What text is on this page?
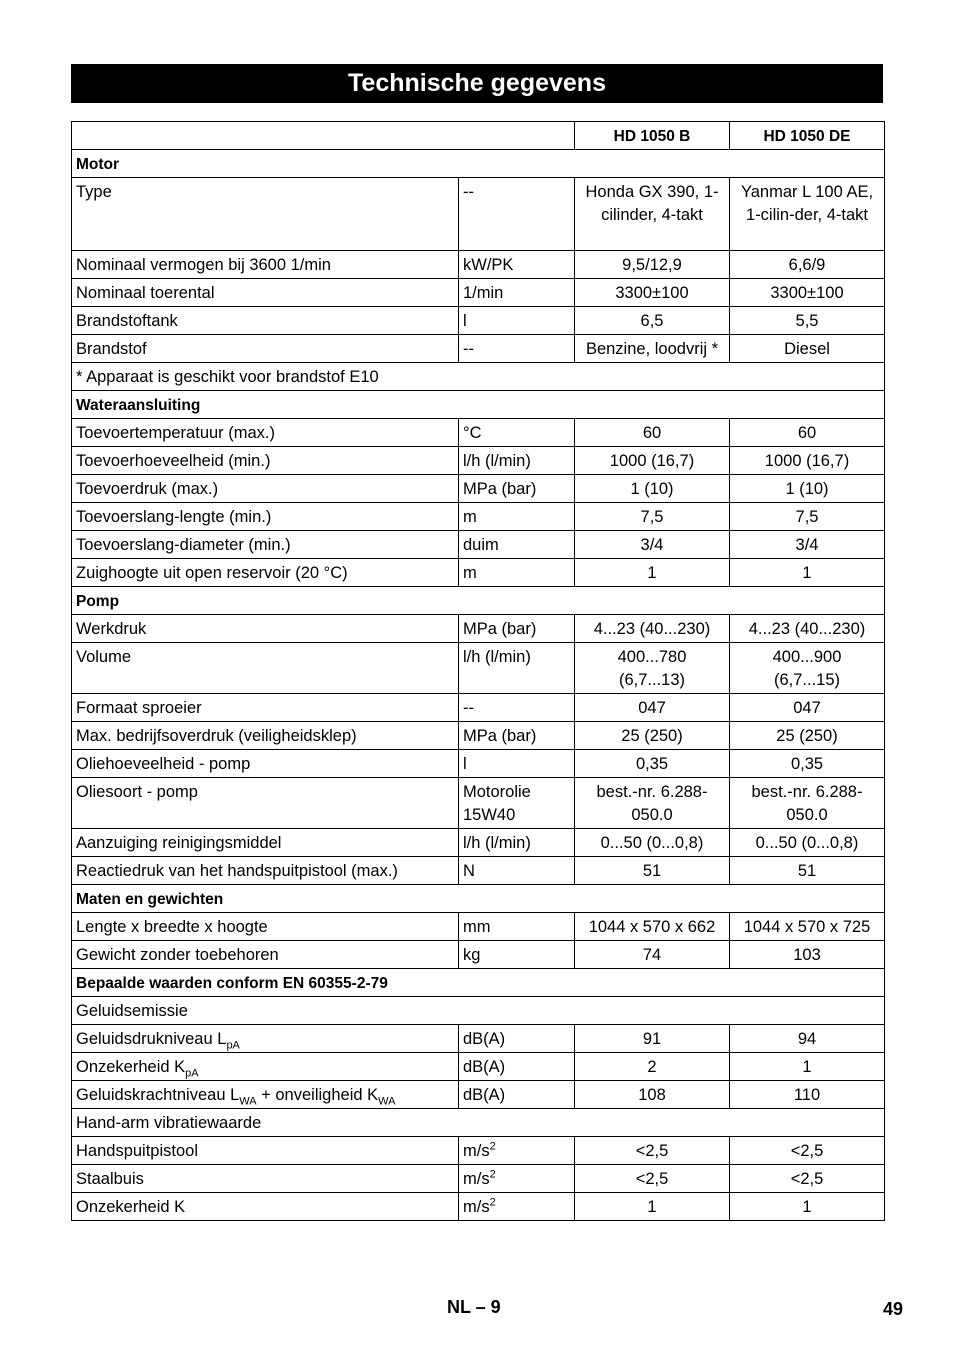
Technische gegevens
		HD 1050 B	HD 1050 DE
Motor			
Type	--	Honda GX 390, 1-cilinder, 4-takt	Yanmar L 100 AE, 1-cilin-der, 4-takt
Nominaal vermogen bij 3600 1/min	kW/PK	9,5/12,9	6,6/9
Nominaal toerental	1/min	3300±100	3300±100
Brandstoftank	l	6,5	5,5
Brandstof	--	Benzine, loodvrij *	Diesel
* Apparaat is geschikt voor brandstof E10			
Wateraansluiting			
Toevoertemperatuur (max.)	°C	60	60
Toevoerhoeveelheid (min.)	l/h (l/min)	1000 (16,7)	1000 (16,7)
Toevoerdruk (max.)	MPa (bar)	1 (10)	1 (10)
Toevoerslang-lengte (min.)	m	7,5	7,5
Toevoerslang-diameter (min.)	duim	3/4	3/4
Zuighoogte uit open reservoir (20 °C)	m	1	1
Pomp			
Werkdruk	MPa (bar)	4...23 (40...230)	4...23 (40...230)
Volume	l/h (l/min)	400...780 (6,7...13)	400...900 (6,7...15)
Formaat sproeier	--	047	047
Max. bedrijfsoverdruk (veiligheidsklep)	MPa (bar)	25 (250)	25 (250)
Oliehoeveelheid - pomp	l	0,35	0,35
Oliesoort - pomp	Motorolie 15W40	best.-nr. 6.288-050.0	best.-nr. 6.288-050.0
Aanzuiging reinigingsmiddel	l/h (l/min)	0...50 (0...0,8)	0...50 (0...0,8)
Reactiedruk van het handspuitpistool (max.)	N	51	51
Maten en gewichten			
Lengte x breedte x hoogte	mm	1044 x 570 x 662	1044 x 570 x 725
Gewicht zonder toebehoren	kg	74	103
Bepaalde waarden conform EN 60355-2-79			
Geluidsemissie			
Geluidsdrukniveau $L_{pA}$	dB(A)	91	94
Onzekerheid $K_{pA}$	dB(A)	2	1
Geluidskrachtniveau $L_{WA}$ + onveiligheid $K_{WA}$	dB(A)	108	110
Hand-arm vibratiewaarde			
Handspuitpistool	$m/s^2$	<2,5	<2,5
Staalbuis	$m/s^2$	<2,5	<2,5
Onzekerheid K	$m/s^2$	1	1
NL – 9	49
